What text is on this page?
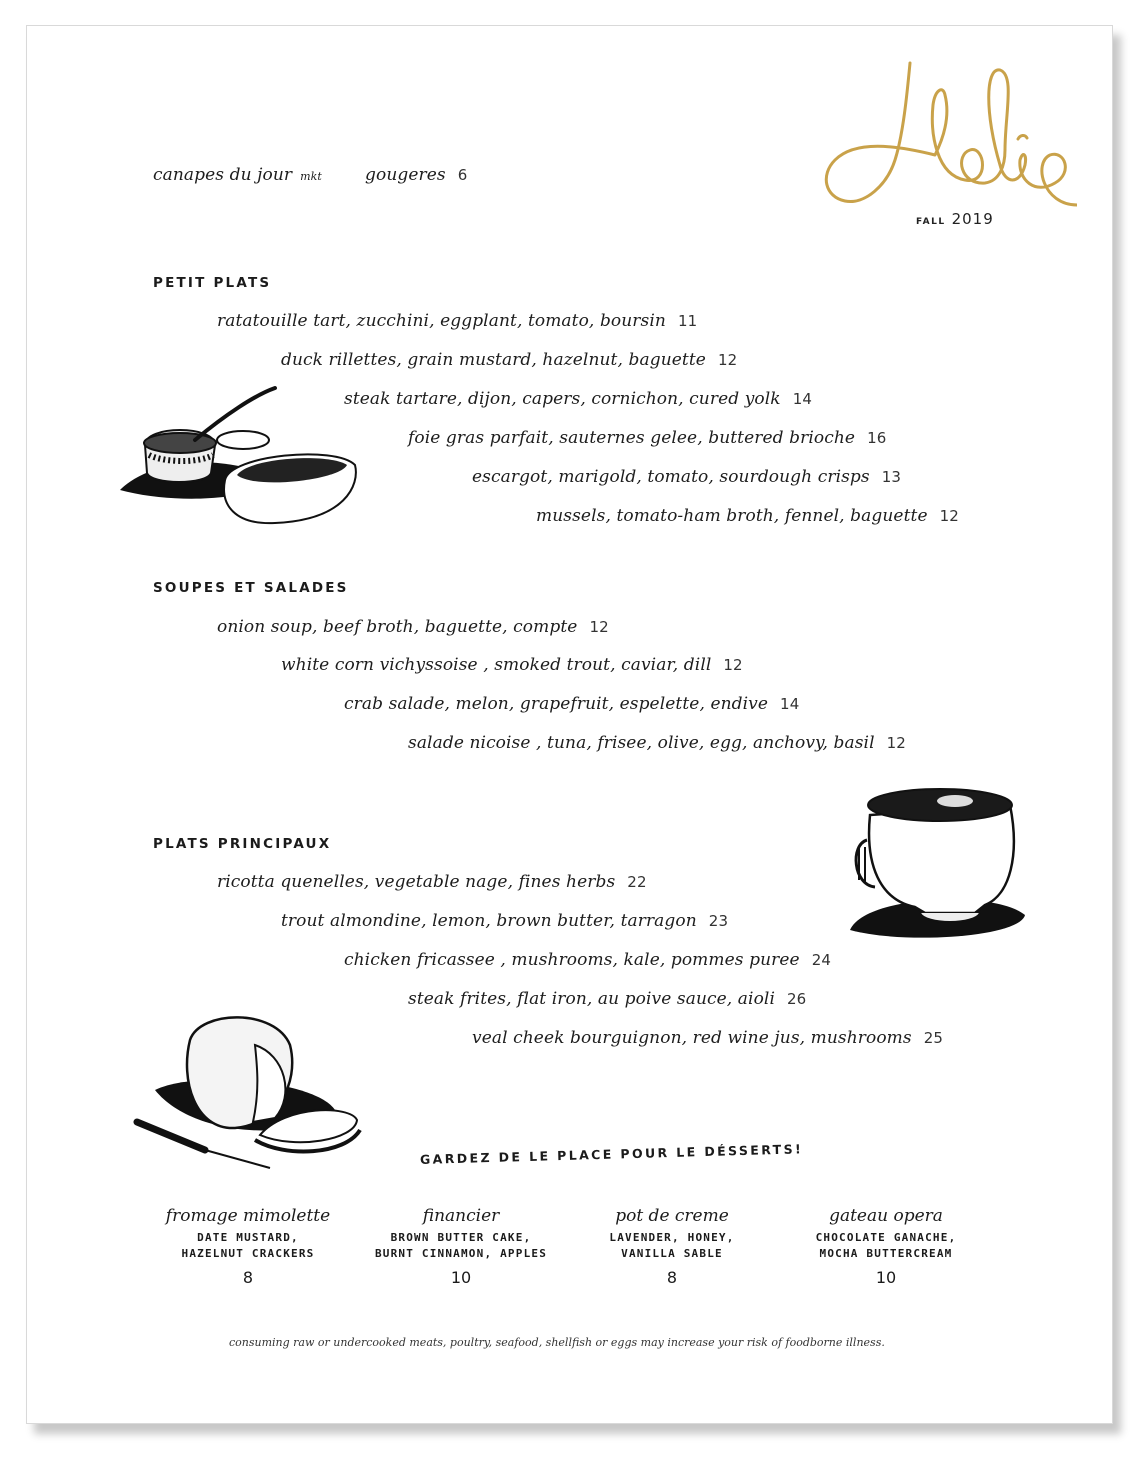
FALL 2019
canapes du jour mkt	gougeres 6
PETIT PLATS
ratatouille tart, zucchini, eggplant, tomato, boursin 11
duck rillettes, grain mustard, hazelnut, baguette 12
steak tartare, dijon, capers, cornichon, cured yolk 14
foie gras parfait, sauternes gelee, buttered brioche 16
escargot, marigold, tomato, sourdough crisps 13
mussels, tomato-ham broth, fennel, baguette 12
SOUPES ET SALADES
onion soup, beef broth, baguette, compte 12
white corn vichyssoise , smoked trout, caviar, dill 12
crab salade, melon, grapefruit, espelette, endive 14
salade nicoise , tuna, frisee, olive, egg, anchovy, basil 12
PLATS PRINCIPAUX
ricotta quenelles, vegetable nage, fines herbs 22
trout almondine, lemon, brown butter, tarragon 23
chicken fricassee , mushrooms, kale, pommes puree 24
steak frites, flat iron, au poive sauce, aioli 26
veal cheek bourguignon, red wine jus, mushrooms 25
GARDEZ DE LE PLACE POUR LE DÉSSERTS!
fromage mimolette
DATE MUSTARD,
HAZELNUT CRACKERS
8
financier
BROWN BUTTER CAKE,
BURNT CINNAMON, APPLES
10
pot de creme
LAVENDER, HONEY,
VANILLA SABLE
8
gateau opera
CHOCOLATE GANACHE,
MOCHA BUTTERCREAM
10
consuming raw or undercooked meats, poultry, seafood, shellfish or eggs may increase your risk of foodborne illness.
